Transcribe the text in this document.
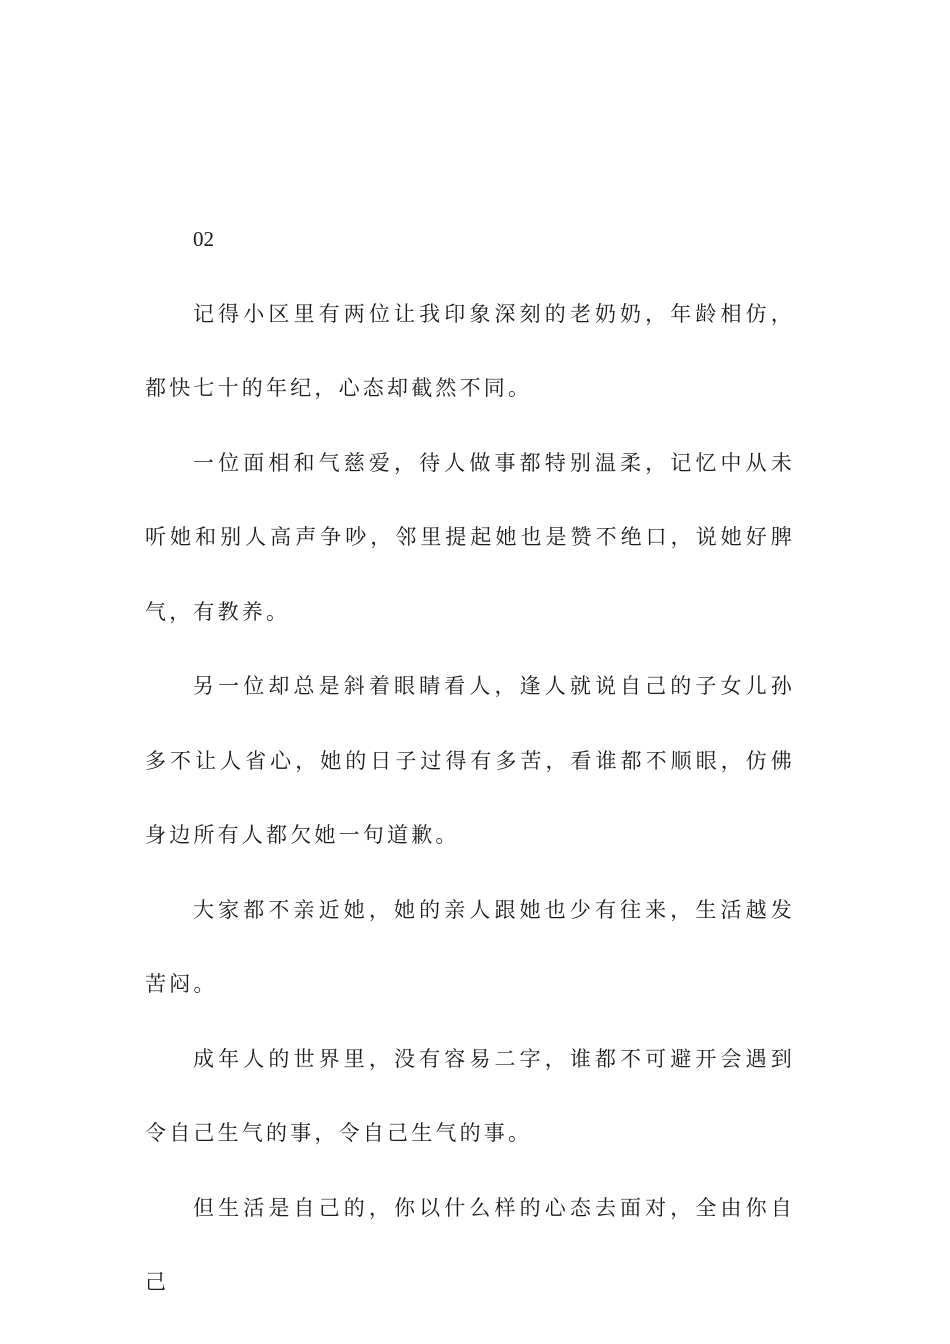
02

记得小区里有两位让我印象深刻的老奶奶，年龄相仿，都快七十的年纪，心态却截然不同。

一位面相和气慈爱，待人做事都特别温柔，记忆中从未听她和别人高声争吵，邻里提起她也是赞不绝口，说她好脾气，有教养。

另一位却总是斜着眼睛看人，逢人就说自己的子女儿孙多不让人省心，她的日子过得有多苦，看谁都不顺眼，仿佛身边所有人都欠她一句道歉。

大家都不亲近她，她的亲人跟她也少有往来，生活越发苦闷。

成年人的世界里，没有容易二字，谁都不可避开会遇到令自己生气的事，令自己生气的事。

但生活是自己的，你以什么样的心态去面对，全由你自己
